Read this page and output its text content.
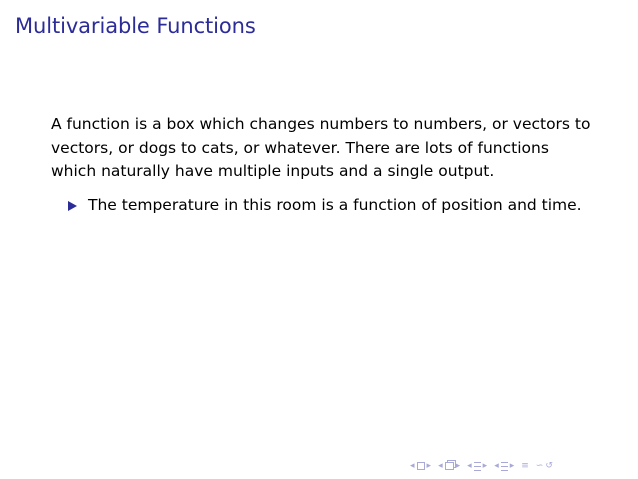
Multivariable Functions
A function is a box which changes numbers to numbers, or vectors to vectors, or dogs to cats, or whatever. There are lots of functions which naturally have multiple inputs and a single output.
The temperature in this room is a function of position and time.
◂ ▸ ◂ ▸ ◂ ▸ ◂ ▸ ≡ ∽ ↺
